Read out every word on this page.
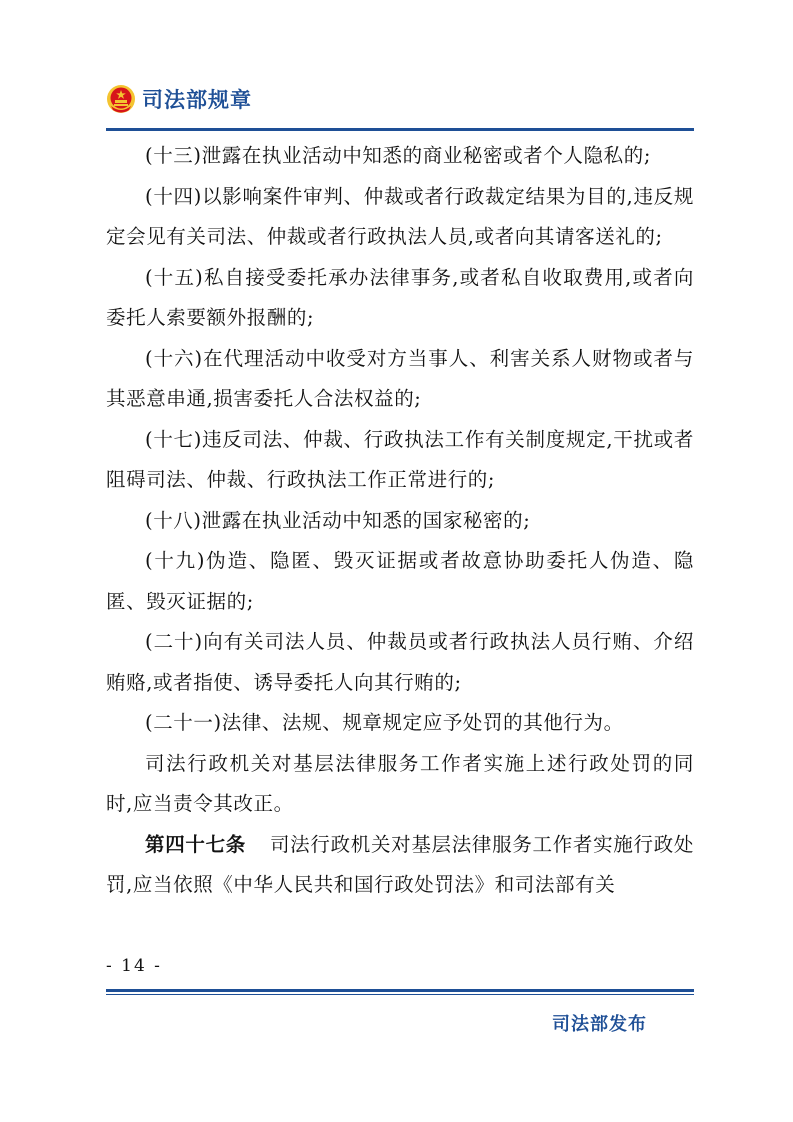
司法部规章

(十三)泄露在执业活动中知悉的商业秘密或者个人隐私的;

(十四)以影响案件审判、仲裁或者行政裁定结果为目的,违反规定会见有关司法、仲裁或者行政执法人员,或者向其请客送礼的;

(十五)私自接受委托承办法律事务,或者私自收取费用,或者向委托人索要额外报酬的;

(十六)在代理活动中收受对方当事人、利害关系人财物或者与其恶意串通,损害委托人合法权益的;

(十七)违反司法、仲裁、行政执法工作有关制度规定,干扰或者阻碍司法、仲裁、行政执法工作正常进行的;

(十八)泄露在执业活动中知悉的国家秘密的;

(十九)伪造、隐匿、毁灭证据或者故意协助委托人伪造、隐匿、毁灭证据的;

(二十)向有关司法人员、仲裁员或者行政执法人员行贿、介绍贿赂,或者指使、诱导委托人向其行贿的;

(二十一)法律、法规、规章规定应予处罚的其他行为。

司法行政机关对基层法律服务工作者实施上述行政处罚的同时,应当责令其改正。

第四十七条 司法行政机关对基层法律服务工作者实施行政处罚,应当依照《中华人民共和国行政处罚法》和司法部有关

- 14 -
司法部发布
